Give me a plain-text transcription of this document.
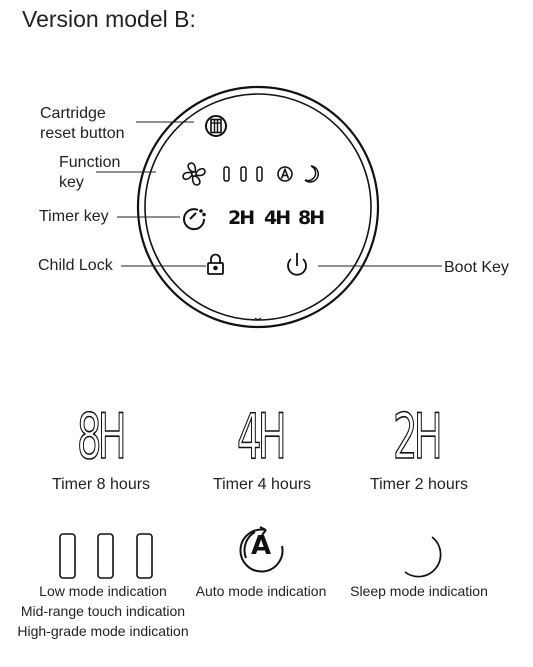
Version model B:
Cartridge
reset button
Function
key
Timer key
Child Lock	Boot Key
2H 4H 8H
8H 4H 2H
Timer 8 hours	Timer 4 hours	Timer 2 hours
A
Low mode indication
Mid-range touch indication
High-grade mode indication
Auto mode indication	Sleep mode indication
